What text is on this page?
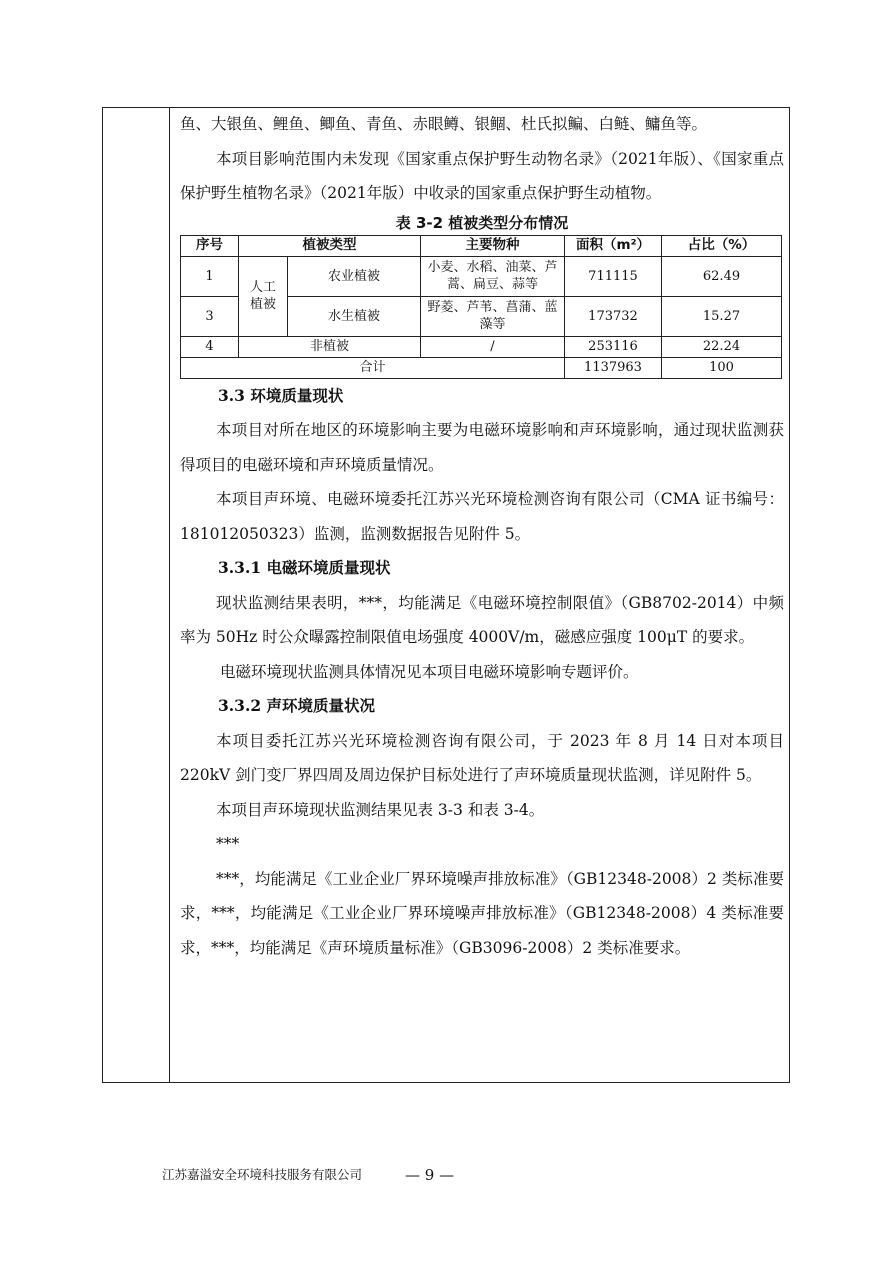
鱼、大银鱼、鲤鱼、鲫鱼、青鱼、赤眼鳟、银鲴、杜氏拟鳊、白鲢、鳙鱼等。

本项目影响范围内未发现《国家重点保护野生动物名录》（2021年版）、《国家重点保护野生植物名录》（2021年版）中收录的国家重点保护野生动植物。

表 3-2 植被类型分布情况
序号	植被类型		主要物种	面积（m²）	占比（%）
1	人工植被	农业植被	小麦、水稻、油菜、芦蒿、扁豆、蒜等	711115	62.49
3		水生植被	野菱、芦苇、菖蒲、蓝藻等	173732	15.27
4	非植被		/	253116	22.24
合计				1137963	100
3.3 环境质量现状

本项目对所在地区的环境影响主要为电磁环境影响和声环境影响，通过现状监测获得项目的电磁环境和声环境质量情况。

本项目声环境、电磁环境委托江苏兴光环境检测咨询有限公司（CMA 证书编号：181012050323）监测，监测数据报告见附件 5。

3.3.1 电磁环境质量现状

现状监测结果表明，***，均能满足《电磁环境控制限值》（GB8702-2014）中频率为 50Hz 时公众曝露控制限值电场强度 4000V/m，磁感应强度 100μT 的要求。

电磁环境现状监测具体情况见本项目电磁环境影响专题评价。

3.3.2 声环境质量状况

本项目委托江苏兴光环境检测咨询有限公司，于 2023 年 8 月 14 日对本项目 220kV 剑门变厂界四周及周边保护目标处进行了声环境质量现状监测，详见附件 5。

本项目声环境现状监测结果见表 3-3 和表 3-4。

***

***，均能满足《工业企业厂界环境噪声排放标准》（GB12348-2008）2 类标准要求，***，均能满足《工业企业厂界环境噪声排放标准》（GB12348-2008）4 类标准要求，***，均能满足《声环境质量标准》（GB3096-2008）2 类标准要求。

江苏嘉溢安全环境科技服务有限公司	— 9 —
